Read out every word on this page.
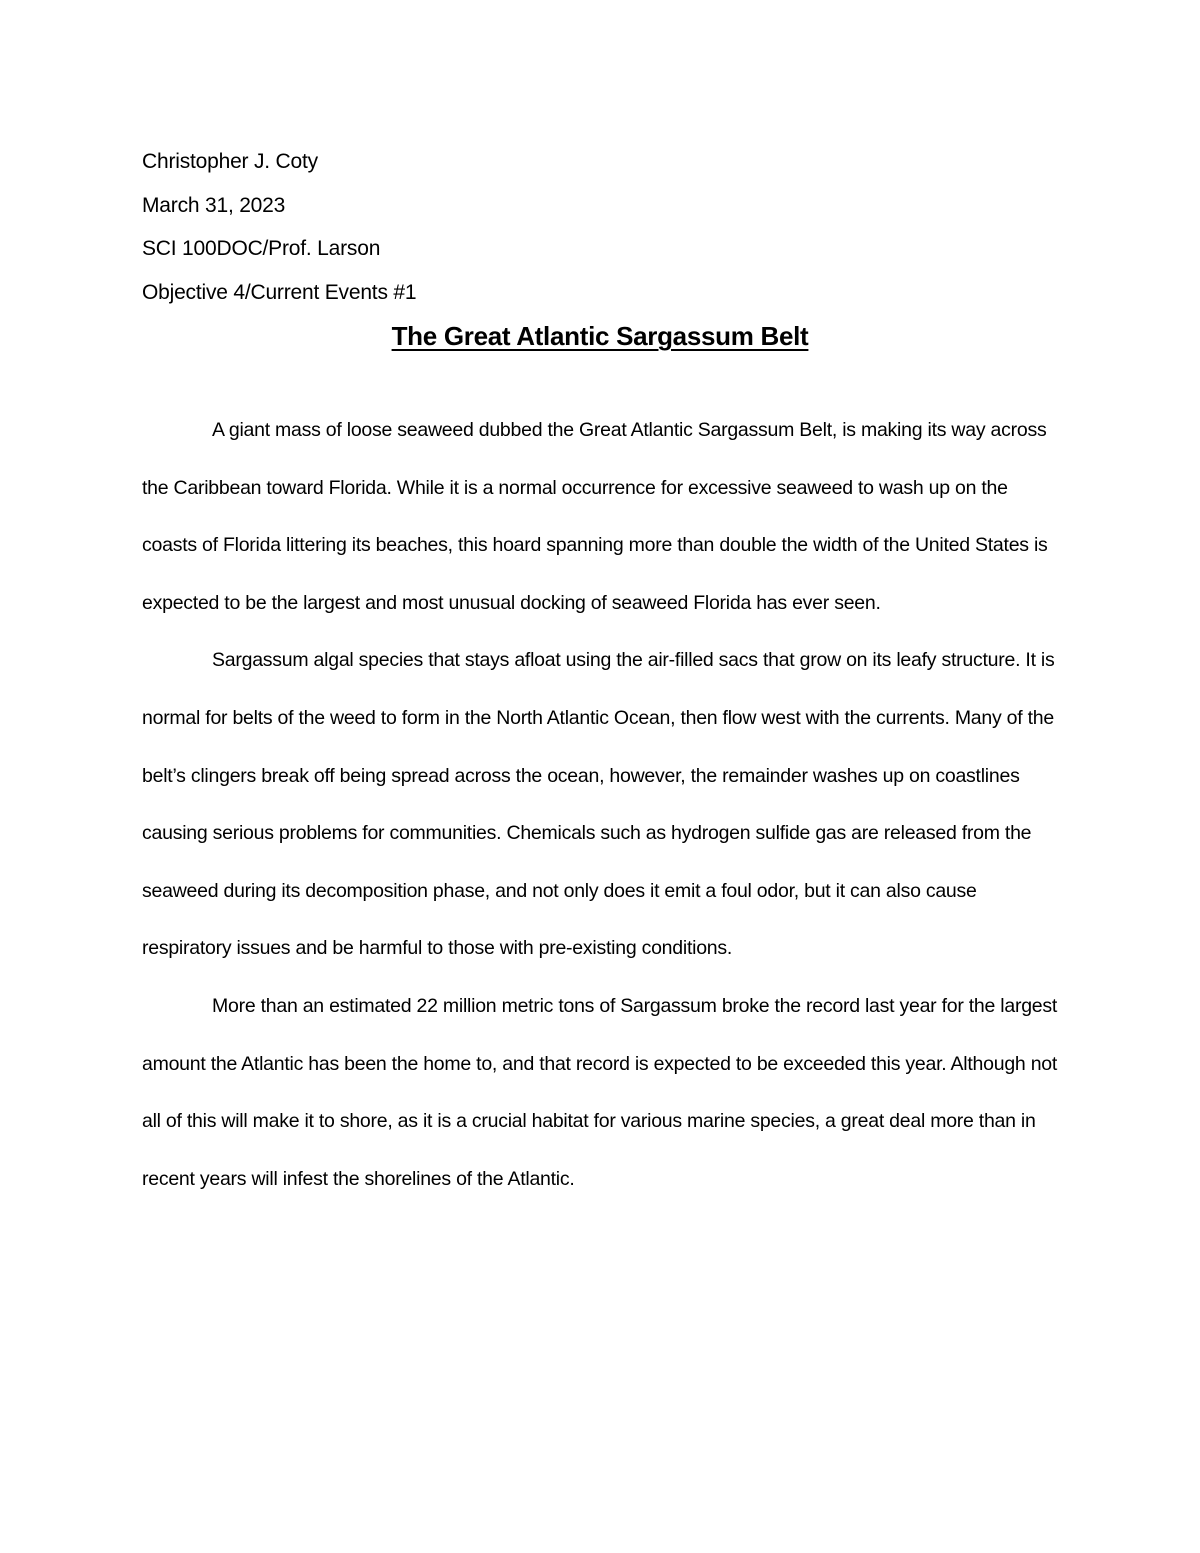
Christopher J. Coty
March 31, 2023
SCI 100DOC/Prof. Larson
Objective 4/Current Events #1
The Great Atlantic Sargassum Belt

A giant mass of loose seaweed dubbed the Great Atlantic Sargassum Belt, is making its way across the Caribbean toward Florida. While it is a normal occurrence for excessive seaweed to wash up on the coasts of Florida littering its beaches, this hoard spanning more than double the width of the United States is expected to be the largest and most unusual docking of seaweed Florida has ever seen.

Sargassum algal species that stays afloat using the air-filled sacs that grow on its leafy structure. It is normal for belts of the weed to form in the North Atlantic Ocean, then flow west with the currents. Many of the belt’s clingers break off being spread across the ocean, however, the remainder washes up on coastlines causing serious problems for communities. Chemicals such as hydrogen sulfide gas are released from the seaweed during its decomposition phase, and not only does it emit a foul odor, but it can also cause respiratory issues and be harmful to those with pre-existing conditions.

More than an estimated 22 million metric tons of Sargassum broke the record last year for the largest amount the Atlantic has been the home to, and that record is expected to be exceeded this year. Although not all of this will make it to shore, as it is a crucial habitat for various marine species, a great deal more than in recent years will infest the shorelines of the Atlantic.
